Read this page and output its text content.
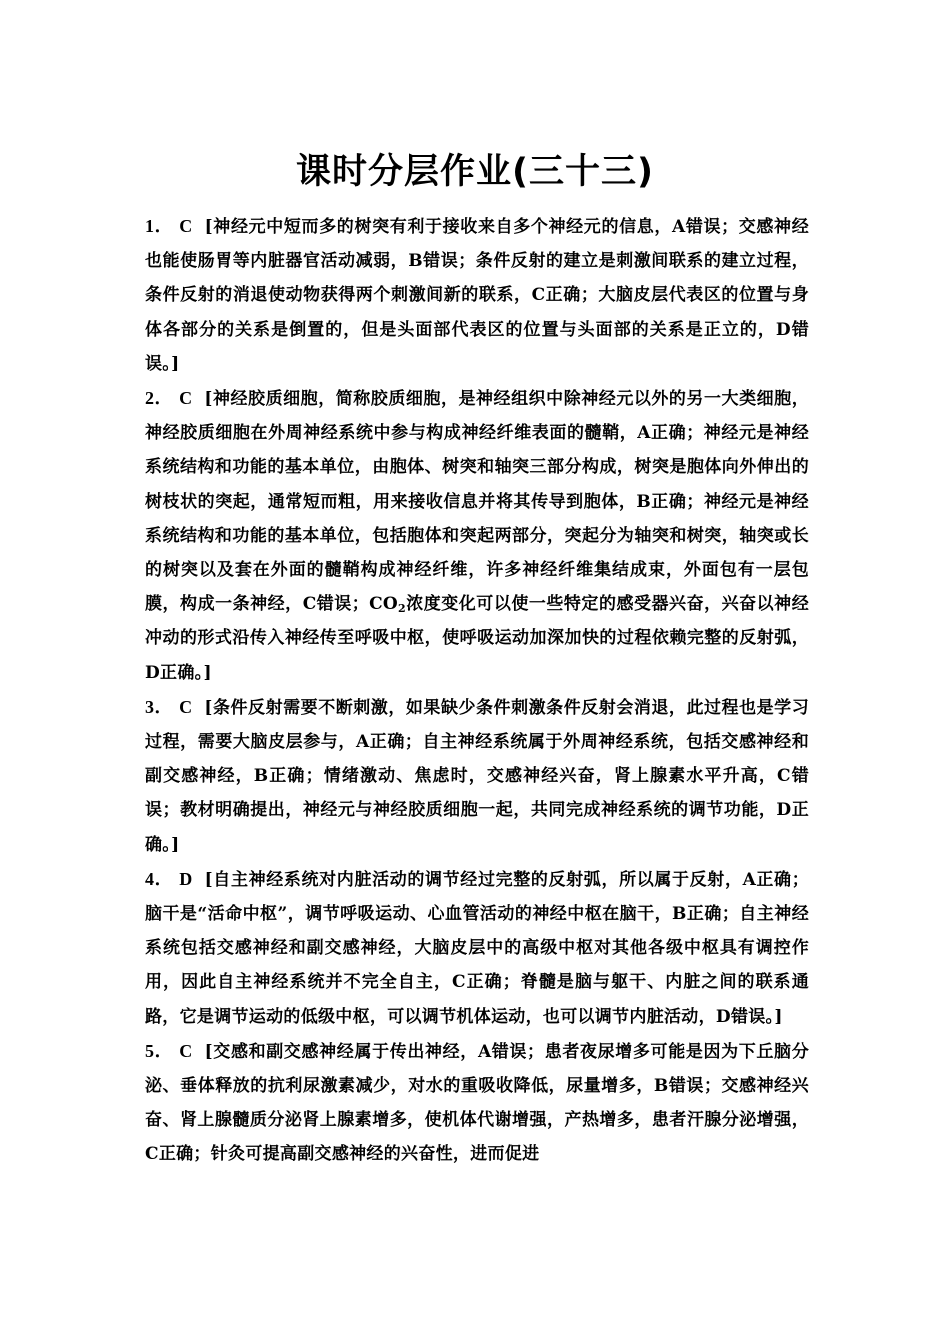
课时分层作业(三十三)

1． C [神经元中短而多的树突有利于接收来自多个神经元的信息，A错误；交感神经也能使肠胃等内脏器官活动减弱，B错误；条件反射的建立是刺激间联系的建立过程，条件反射的消退使动物获得两个刺激间新的联系，C正确；大脑皮层代表区的位置与身体各部分的关系是倒置的，但是头面部代表区的位置与头面部的关系是正立的，D错误。]

2． C [神经胶质细胞，简称胶质细胞，是神经组织中除神经元以外的另一大类细胞，神经胶质细胞在外周神经系统中参与构成神经纤维表面的髓鞘，A正确；神经元是神经系统结构和功能的基本单位，由胞体、树突和轴突三部分构成，树突是胞体向外伸出的树枝状的突起，通常短而粗，用来接收信息并将其传导到胞体，B正确；神经元是神经系统结构和功能的基本单位，包括胞体和突起两部分，突起分为轴突和树突，轴突或长的树突以及套在外面的髓鞘构成神经纤维，许多神经纤维集结成束，外面包有一层包膜，构成一条神经，C错误；$CO_2$浓度变化可以使一些特定的感受器兴奋，兴奋以神经冲动的形式沿传入神经传至呼吸中枢，使呼吸运动加深加快的过程依赖完整的反射弧，D正确。]

3． C [条件反射需要不断刺激，如果缺少条件刺激条件反射会消退，此过程也是学习过程，需要大脑皮层参与，A正确；自主神经系统属于外周神经系统，包括交感神经和副交感神经，B正确；情绪激动、焦虑时，交感神经兴奋，肾上腺素水平升高，C错误；教材明确提出，神经元与神经胶质细胞一起，共同完成神经系统的调节功能，D正确。]

4． D [自主神经系统对内脏活动的调节经过完整的反射弧，所以属于反射，A正确；脑干是“活命中枢”，调节呼吸运动、心血管活动的神经中枢在脑干，B正确；自主神经系统包括交感神经和副交感神经，大脑皮层中的高级中枢对其他各级中枢具有调控作用，因此自主神经系统并不完全自主，C正确；脊髓是脑与躯干、内脏之间的联系通路，它是调节运动的低级中枢，可以调节机体运动，也可以调节内脏活动，D错误。]

5． C [交感和副交感神经属于传出神经，A错误；患者夜尿增多可能是因为下丘脑分泌、垂体释放的抗利尿激素减少，对水的重吸收降低，尿量增多，B错误；交感神经兴奋、肾上腺髓质分泌肾上腺素增多，使机体代谢增强，产热增多，患者汗腺分泌增强，C正确；针灸可提高副交感神经的兴奋性，进而促进
